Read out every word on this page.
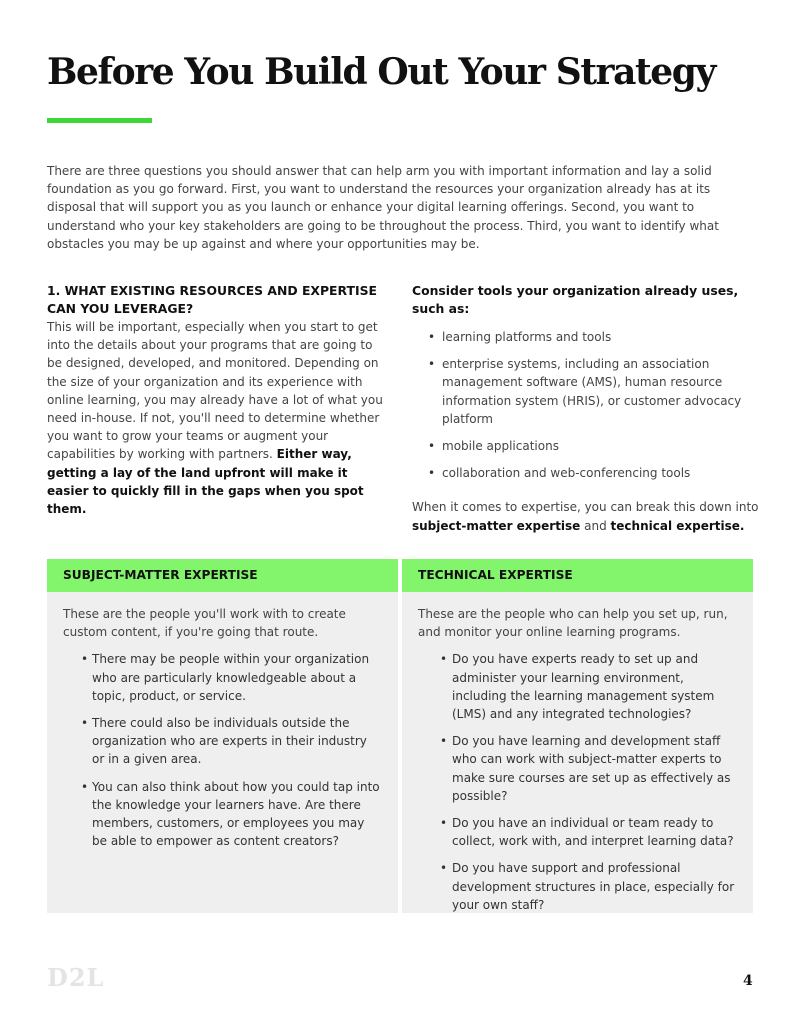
Before You Build Out Your Strategy

There are three questions you should answer that can help arm you with important information and lay a solid foundation as you go forward. First, you want to understand the resources your organization already has at its disposal that will support you as you launch or enhance your digital learning offerings. Second, you want to understand who your key stakeholders are going to be throughout the process. Third, you want to identify what obstacles you may be up against and where your opportunities may be.

1. WHAT EXISTING RESOURCES AND EXPERTISE CAN YOU LEVERAGE?

This will be important, especially when you start to get into the details about your programs that are going to be designed, developed, and monitored. Depending on the size of your organization and its experience with online learning, you may already have a lot of what you need in-house. If not, you'll need to determine whether you want to grow your teams or augment your capabilities by working with partners. Either way, getting a lay of the land upfront will make it easier to quickly fill in the gaps when you spot them.

Consider tools your organization already uses, such as:
• learning platforms and tools
• enterprise systems, including an association management software (AMS), human resource information system (HRIS), or customer advocacy platform
• mobile applications
• collaboration and web-conferencing tools

When it comes to expertise, you can break this down into subject-matter expertise and technical expertise.

SUBJECT-MATTER EXPERTISE

These are the people you'll work with to create custom content, if you're going that route.

• There may be people within your organization who are particularly knowledgeable about a topic, product, or service.
• There could also be individuals outside the organization who are experts in their industry or in a given area.
• You can also think about how you could tap into the knowledge your learners have. Are there members, customers, or employees you may be able to empower as content creators?
TECHNICAL EXPERTISE

These are the people who can help you set up, run, and monitor your online learning programs.

• Do you have experts ready to set up and administer your learning environment, including the learning management system (LMS) and any integrated technologies?
• Do you have learning and development staff who can work with subject-matter experts to make sure courses are set up as effectively as possible?
• Do you have an individual or team ready to collect, work with, and interpret learning data?
• Do you have support and professional development structures in place, especially for your own staff?
D2L	4
